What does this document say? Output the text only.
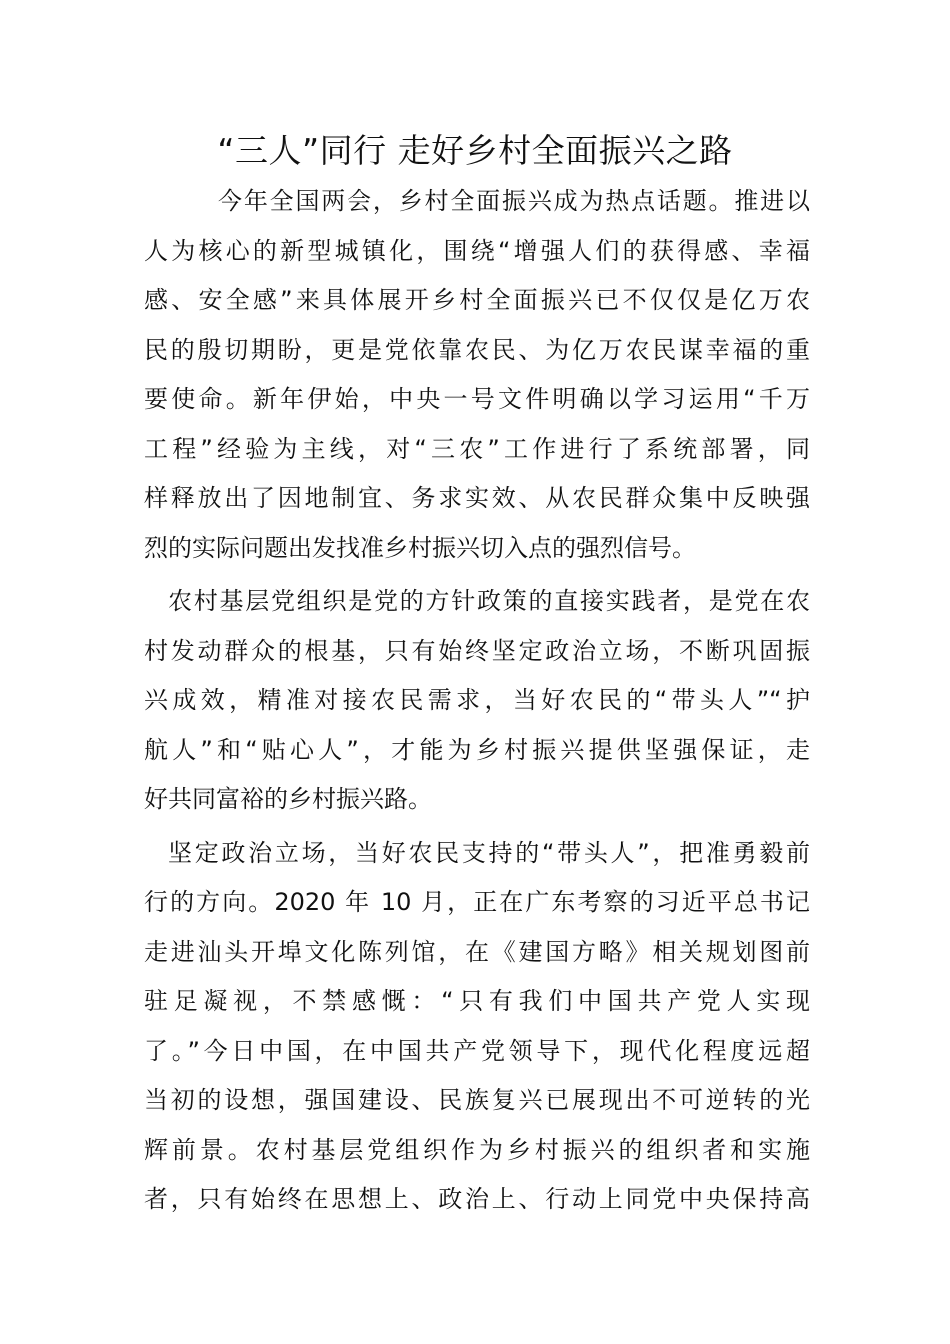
“三人”同行 走好乡村全面振兴之路
今年全国两会，乡村全面振兴成为热点话题。推进以
人为核心的新型城镇化，围绕“增强人们的获得感、幸福
感、安全感”来具体展开乡村全面振兴已不仅仅是亿万农
民的殷切期盼，更是党依靠农民、为亿万农民谋幸福的重
要使命。新年伊始，中央一号文件明确以学习运用“千万
工程”经验为主线，对“三农”工作进行了系统部署，同
样释放出了因地制宜、务求实效、从农民群众集中反映强
烈的实际问题出发找准乡村振兴切入点的强烈信号。
农村基层党组织是党的方针政策的直接实践者，是党在农
村发动群众的根基，只有始终坚定政治立场，不断巩固振
兴成效，精准对接农民需求，当好农民的“带头人”“护
航人”和“贴心人”，才能为乡村振兴提供坚强保证，走
好共同富裕的乡村振兴路。
坚定政治立场，当好农民支持的“带头人”，把准勇毅前
行的方向。2020 年 10 月，正在广东考察的习近平总书记
走进汕头开埠文化陈列馆，在《建国方略》相关规划图前
驻足凝视，不禁感慨：“只有我们中国共产党人实现
了。”今日中国，在中国共产党领导下，现代化程度远超
当初的设想，强国建设、民族复兴已展现出不可逆转的光
辉前景。农村基层党组织作为乡村振兴的组织者和实施
者，只有始终在思想上、政治上、行动上同党中央保持高
